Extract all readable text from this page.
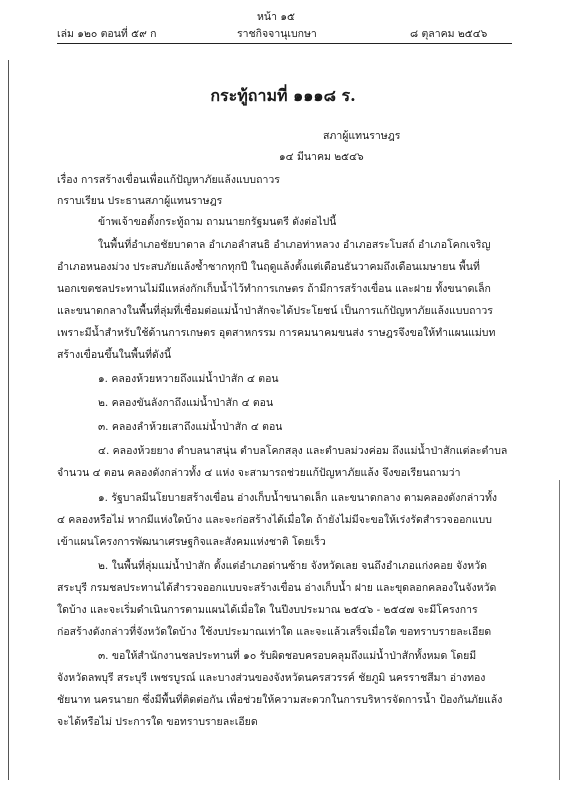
หน้า ๑๕
เล่ม ๑๒๐ ตอนที่ ๕๙ ก	ราชกิจจานุเบกษา	๘ ตุลาคม ๒๕๔๖
กระทู้ถามที่ ๑๑๑๘ ร.
สภาผู้แทนราษฎร
๑๔ มีนาคม ๒๕๔๖
เรื่อง การสร้างเขื่อนเพื่อแก้ปัญหาภัยแล้งแบบถาวร
กราบเรียน ประธานสภาผู้แทนราษฎร
ข้าพเจ้าขอตั้งกระทู้ถาม ถามนายกรัฐมนตรี ดังต่อไปนี้
ในพื้นที่อำเภอชัยบาดาล อำเภอลำสนธิ อำเภอท่าหลวง อำเภอสระโบสถ์ อำเภอโคกเจริญ
อำเภอหนองม่วง ประสบภัยแล้งซ้ำซากทุกปี ในฤดูแล้งตั้งแต่เดือนธันวาคมถึงเดือนเมษายน พื้นที่
นอกเขตชลประทานไม่มีแหล่งกักเก็บน้ำไว้ทำการเกษตร ถ้ามีการสร้างเขื่อน และฝาย ทั้งขนาดเล็ก
และขนาดกลางในพื้นที่ลุ่มที่เชื่อมต่อแม่น้ำป่าสักจะได้ประโยชน์ เป็นการแก้ปัญหาภัยแล้งแบบถาวร
เพราะมีน้ำสำหรับใช้ด้านการเกษตร อุตสาหกรรม การคมนาคมขนส่ง ราษฎรจึงขอให้ทำแผนแม่บท
สร้างเขื่อนขึ้นในพื้นที่ดังนี้
๑. คลองห้วยหวายถึงแม่น้ำป่าสัก ๔ ตอน
๒. คลองขันลังกาถึงแม่น้ำป่าสัก ๔ ตอน
๓. คลองลำห้วยเสาถึงแม่น้ำป่าสัก ๔ ตอน
๔. คลองห้วยยาง ตำบลนาสนุ่น ตำบลโคกสลุง และตำบลม่วงค่อม ถึงแม่น้ำป่าสักแต่ละตำบล
จำนวน ๔ ตอน คลองดังกล่าวทั้ง ๔ แห่ง จะสามารถช่วยแก้ปัญหาภัยแล้ง จึงขอเรียนถามว่า
๑. รัฐบาลมีนโยบายสร้างเขื่อน อ่างเก็บน้ำขนาดเล็ก และขนาดกลาง ตามคลองดังกล่าวทั้ง
๔ คลองหรือไม่ หากมีแห่งใดบ้าง และจะก่อสร้างได้เมื่อใด ถ้ายังไม่มีจะขอให้เร่งรัดสำรวจออกแบบ
เข้าแผนโครงการพัฒนาเศรษฐกิจและสังคมแห่งชาติ โดยเร็ว
๒. ในพื้นที่ลุ่มแม่น้ำป่าสัก ตั้งแต่อำเภอด่านซ้าย จังหวัดเลย จนถึงอำเภอแก่งคอย จังหวัด
สระบุรี กรมชลประทานได้สำรวจออกแบบจะสร้างเขื่อน อ่างเก็บน้ำ ฝาย และขุดลอกคลองในจังหวัด
ใดบ้าง และจะเริ่มดำเนินการตามแผนได้เมื่อใด ในปีงบประมาณ ๒๕๔๖ - ๒๕๔๗ จะมีโครงการ
ก่อสร้างดังกล่าวที่จังหวัดใดบ้าง ใช้งบประมาณเท่าใด และจะแล้วเสร็จเมื่อใด ขอทราบรายละเอียด
๓. ขอให้สำนักงานชลประทานที่ ๑๐ รับผิดชอบครอบคลุมถึงแม่น้ำป่าสักทั้งหมด โดยมี
จังหวัดลพบุรี สระบุรี เพชรบูรณ์ และบางส่วนของจังหวัดนครสวรรค์ ชัยภูมิ นครราชสีมา อ่างทอง
ชัยนาท นครนายก ซึ่งมีพื้นที่ติดต่อกัน เพื่อช่วยให้ความสะดวกในการบริหารจัดการน้ำ ป้องกันภัยแล้ง
จะได้หรือไม่ ประการใด ขอทราบรายละเอียด
